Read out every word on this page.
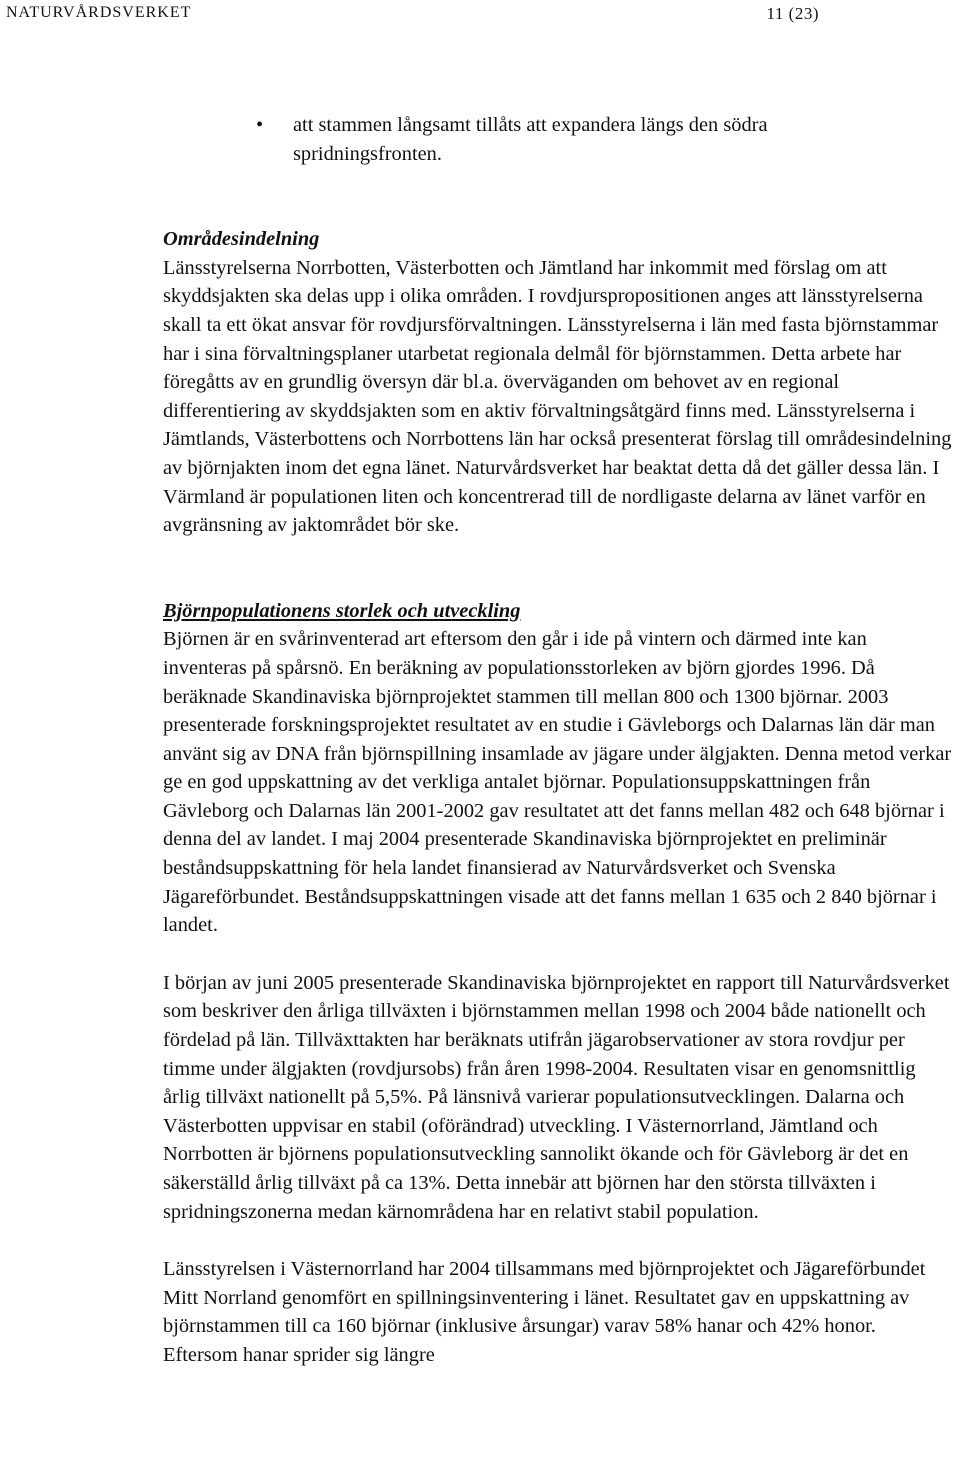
NATURVÅRDSVERKET	11 (23)
• att stammen långsamt tillåts att expandera längs den södra spridningsfronten.

Områdesindelning

Länsstyrelserna Norrbotten, Västerbotten och Jämtland har inkommit med förslag om att skyddsjakten ska delas upp i olika områden. I rovdjurspropositionen anges att länsstyrelserna skall ta ett ökat ansvar för rovdjursförvaltningen. Länsstyrelserna i län med fasta björnstammar har i sina förvaltningsplaner utarbetat regionala delmål för björnstammen. Detta arbete har föregåtts av en grundlig översyn där bl.a. överväganden om behovet av en regional differentiering av skyddsjakten som en aktiv förvaltningsåtgärd finns med. Länsstyrelserna i Jämtlands, Västerbottens och Norrbottens län har också presenterat förslag till områdesindelning av björnjakten inom det egna länet. Naturvårdsverket har beaktat detta då det gäller dessa län. I Värmland är populationen liten och koncentrerad till de nordligaste delarna av länet varför en avgränsning av jaktområdet bör ske.

Björnpopulationens storlek och utveckling

Björnen är en svårinventerad art eftersom den går i ide på vintern och därmed inte kan inventeras på spårsnö. En beräkning av populationsstorleken av björn gjordes 1996. Då beräknade Skandinaviska björnprojektet stammen till mellan 800 och 1300 björnar. 2003 presenterade forskningsprojektet resultatet av en studie i Gävleborgs och Dalarnas län där man använt sig av DNA från björnspillning insamlade av jägare under älgjakten. Denna metod verkar ge en god uppskattning av det verkliga antalet björnar. Populationsuppskattningen från Gävleborg och Dalarnas län 2001-2002 gav resultatet att det fanns mellan 482 och 648 björnar i denna del av landet. I maj 2004 presenterade Skandinaviska björnprojektet en preliminär beståndsuppskattning för hela landet finansierad av Naturvårdsverket och Svenska Jägareförbundet. Beståndsuppskattningen visade att det fanns mellan 1 635 och 2 840 björnar i landet.

I början av juni 2005 presenterade Skandinaviska björnprojektet en rapport till Naturvårdsverket som beskriver den årliga tillväxten i björnstammen mellan 1998 och 2004 både nationellt och fördelad på län. Tillväxttakten har beräknats utifrån jägarobservationer av stora rovdjur per timme under älgjakten (rovdjursobs) från åren 1998-2004. Resultaten visar en genomsnittlig årlig tillväxt nationellt på 5,5%. På länsnivå varierar populationsutvecklingen. Dalarna och Västerbotten uppvisar en stabil (oförändrad) utveckling. I Västernorrland, Jämtland och Norrbotten är björnens populationsutveckling sannolikt ökande och för Gävleborg är det en säkerställd årlig tillväxt på ca 13%. Detta innebär att björnen har den största tillväxten i spridningszonerna medan kärnområdena har en relativt stabil population.

Länsstyrelsen i Västernorrland har 2004 tillsammans med björnprojektet och Jägareförbundet Mitt Norrland genomfört en spillningsinventering i länet. Resultatet gav en uppskattning av björnstammen till ca 160 björnar (inklusive årsungar) varav 58% hanar och 42% honor. Eftersom hanar sprider sig längre
